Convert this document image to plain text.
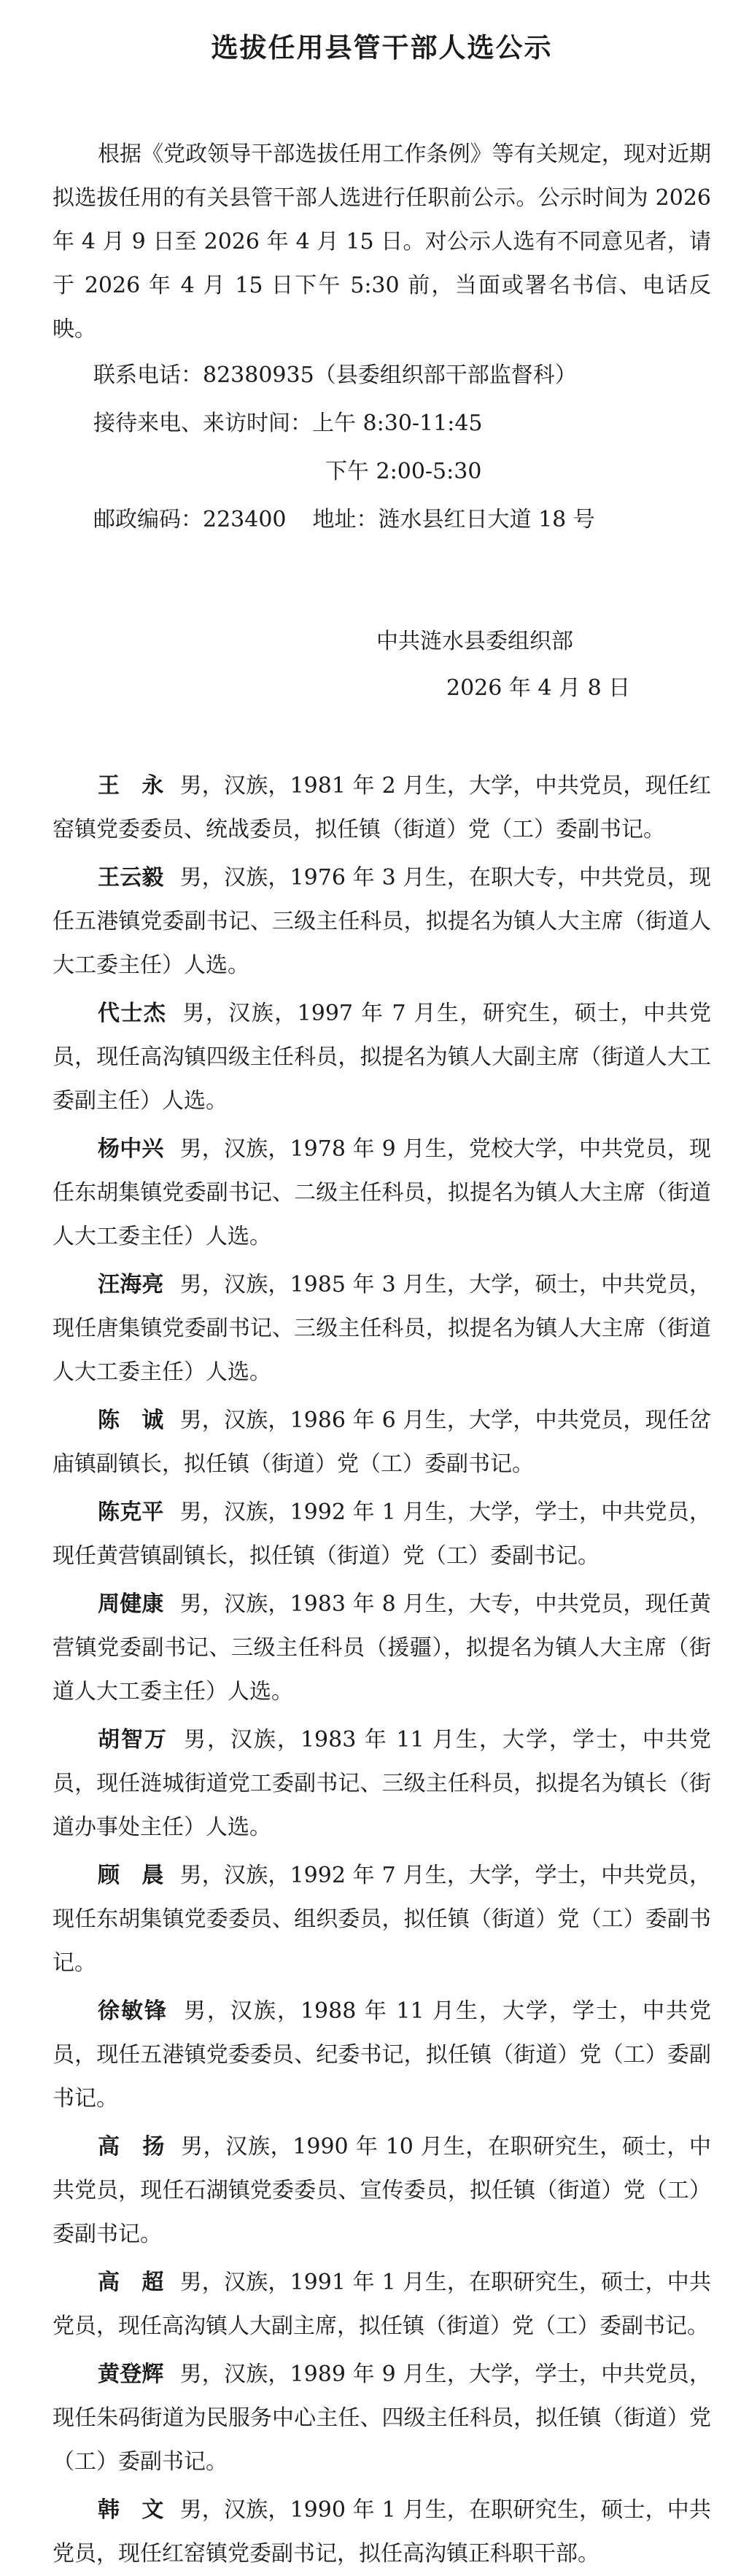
选拔任用县管干部人选公示

根据《党政领导干部选拔任用工作条例》等有关规定，现对近期拟选拔任用的有关县管干部人选进行任职前公示。公示时间为 2026 年 4 月 9 日至 2026 年 4 月 15 日。对公示人选有不同意见者，请于 2026 年 4 月 15 日下午 5:30 前，当面或署名书信、电话反映。

联系电话：82380935（县委组织部干部监督科）
接待来电、来访时间：上午 8:30-11:45
下午 2:00-5:30
邮政编码：223400 地址：涟水县红日大道 18 号
中共涟水县委组织部
2026 年 4 月 8 日

王　永 男，汉族，1981 年 2 月生，大学，中共党员，现任红窑镇党委委员、统战委员，拟任镇（街道）党（工）委副书记。

王云毅 男，汉族，1976 年 3 月生，在职大专，中共党员，现任五港镇党委副书记、三级主任科员，拟提名为镇人大主席（街道人大工委主任）人选。

代士杰 男，汉族，1997 年 7 月生，研究生，硕士，中共党员，现任高沟镇四级主任科员，拟提名为镇人大副主席（街道人大工委副主任）人选。

杨中兴 男，汉族，1978 年 9 月生，党校大学，中共党员，现任东胡集镇党委副书记、二级主任科员，拟提名为镇人大主席（街道人大工委主任）人选。

汪海亮 男，汉族，1985 年 3 月生，大学，硕士，中共党员，现任唐集镇党委副书记、三级主任科员，拟提名为镇人大主席（街道人大工委主任）人选。

陈　诚 男，汉族，1986 年 6 月生，大学，中共党员，现任岔庙镇副镇长，拟任镇（街道）党（工）委副书记。

陈克平 男，汉族，1992 年 1 月生，大学，学士，中共党员，现任黄营镇副镇长，拟任镇（街道）党（工）委副书记。

周健康 男，汉族，1983 年 8 月生，大专，中共党员，现任黄营镇党委副书记、三级主任科员（援疆），拟提名为镇人大主席（街道人大工委主任）人选。

胡智万 男，汉族，1983 年 11 月生，大学，学士，中共党员，现任涟城街道党工委副书记、三级主任科员，拟提名为镇长（街道办事处主任）人选。

顾　晨 男，汉族，1992 年 7 月生，大学，学士，中共党员，现任东胡集镇党委委员、组织委员，拟任镇（街道）党（工）委副书记。

徐敏锋 男，汉族，1988 年 11 月生，大学，学士，中共党员，现任五港镇党委委员、纪委书记，拟任镇（街道）党（工）委副书记。

高　扬 男，汉族，1990 年 10 月生，在职研究生，硕士，中共党员，现任石湖镇党委委员、宣传委员，拟任镇（街道）党（工）委副书记。

高　超 男，汉族，1991 年 1 月生，在职研究生，硕士，中共党员，现任高沟镇人大副主席，拟任镇（街道）党（工）委副书记。

黄登辉 男，汉族，1989 年 9 月生，大学，学士，中共党员，现任朱码街道为民服务中心主任、四级主任科员，拟任镇（街道）党（工）委副书记。

韩　文 男，汉族，1990 年 1 月生，在职研究生，硕士，中共党员，现任红窑镇党委副书记，拟任高沟镇正科职干部。
